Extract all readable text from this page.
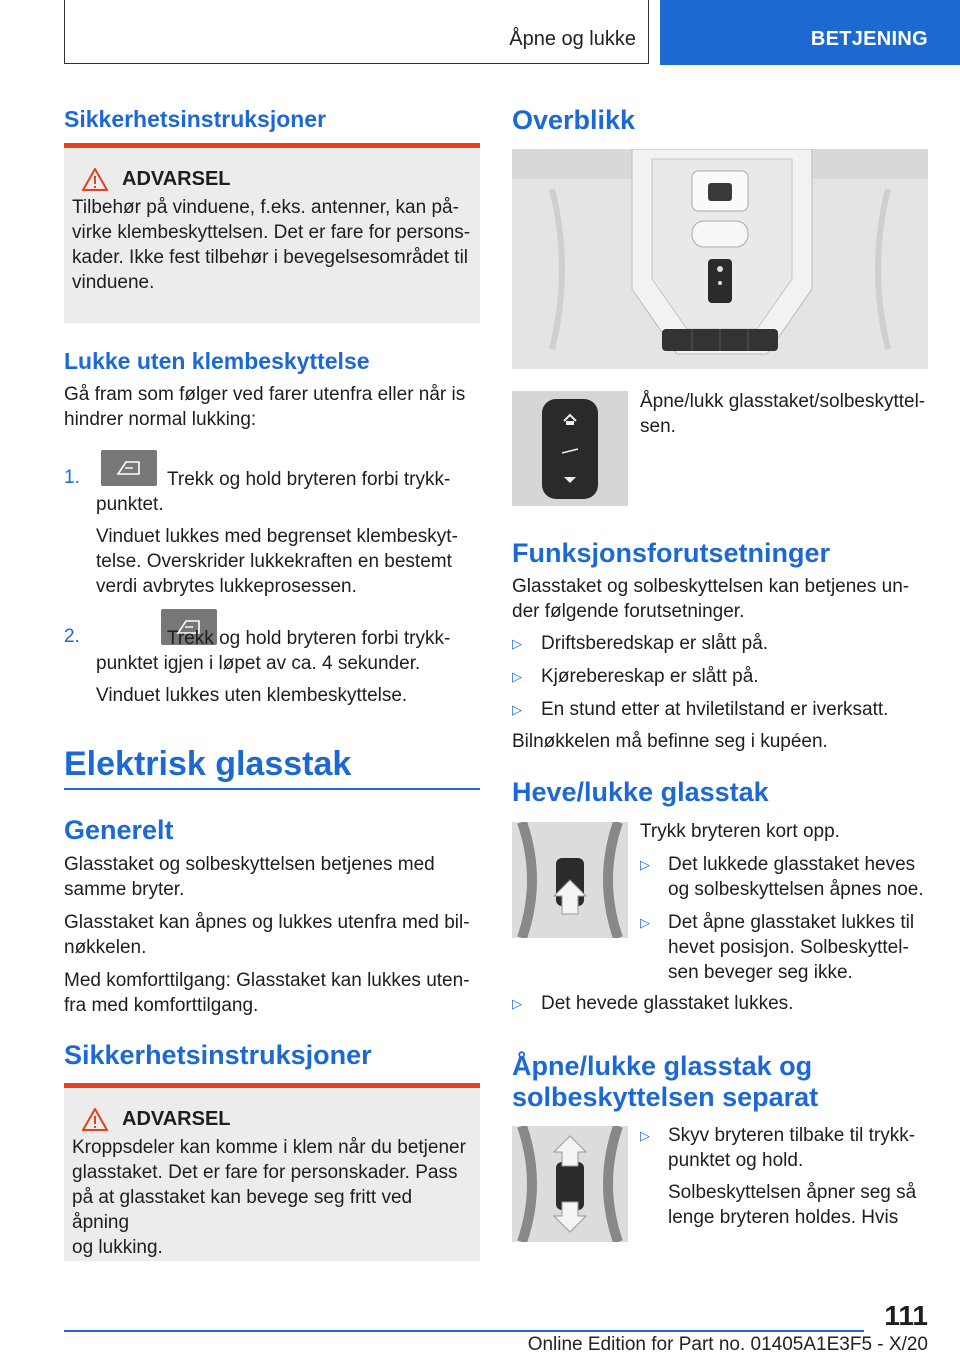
Åpne og lukke	BETJENING
Sikkerhetsinstruksjoner
ADVARSEL

Tilbehør på vinduene, f.eks. antenner, kan på-

virke klembeskyttelsen. Det er fare for persons-

kader. Ikke fest tilbehør i bevegelsesområdet til

vinduene.

Lukke uten klembeskyttelse

Gå fram som følger ved farer utenfra eller når is

hindrer normal lukking:

1.
	Trekk og hold bryteren forbi trykk-

punktet.

Vinduet lukkes med begrenset klembeskyt-

telse. Overskrider lukkekraften en bestemt

verdi avbrytes lukkeprosessen.

2.	Trekk og hold bryteren forbi trykk-

punktet igjen i løpet av ca. 4 sekunder.

Vinduet lukkes uten klembeskyttelse.

Elektrisk glasstak
Generelt

Glasstaket og solbeskyttelsen betjenes med

samme bryter.

Glasstaket kan åpnes og lukkes utenfra med bil-

nøkkelen.

Med komforttilgang: Glasstaket kan lukkes uten-

fra med komforttilgang.

Sikkerhetsinstruksjoner
ADVARSEL

Kroppsdeler kan komme i klem når du betjener

glasstaket. Det er fare for personskader. Pass

på at glasstaket kan bevege seg fritt ved åpning

og lukking.

Overblikk

Åpne/lukk glasstaket/solbeskyttel-

sen.

Funksjonsforutsetninger

Glasstaket og solbeskyttelsen kan betjenes un-

der følgende forutsetninger.

▷ Driftsberedskap er slått på.

▷ Kjørebereskap er slått på.

▷ En stund etter at hviletilstand er iverksatt.

Bilnøkkelen må befinne seg i kupéen.

Heve/lukke glasstak

Trykk bryteren kort opp.

▷ Det lukkede glasstaket heves

og solbeskyttelsen åpnes noe.

▷ Det åpne glasstaket lukkes til

hevet posisjon. Solbeskyttel-

sen beveger seg ikke.

▷ Det hevede glasstaket lukkes.

Åpne/lukke glasstak og
solbeskyttelsen separat
▷ Skyv bryteren tilbake til trykk-

punktet og hold.

Solbeskyttelsen åpner seg så

lenge bryteren holdes. Hvis

111
Online Edition for Part no. 01405A1E3F5 - X/20
